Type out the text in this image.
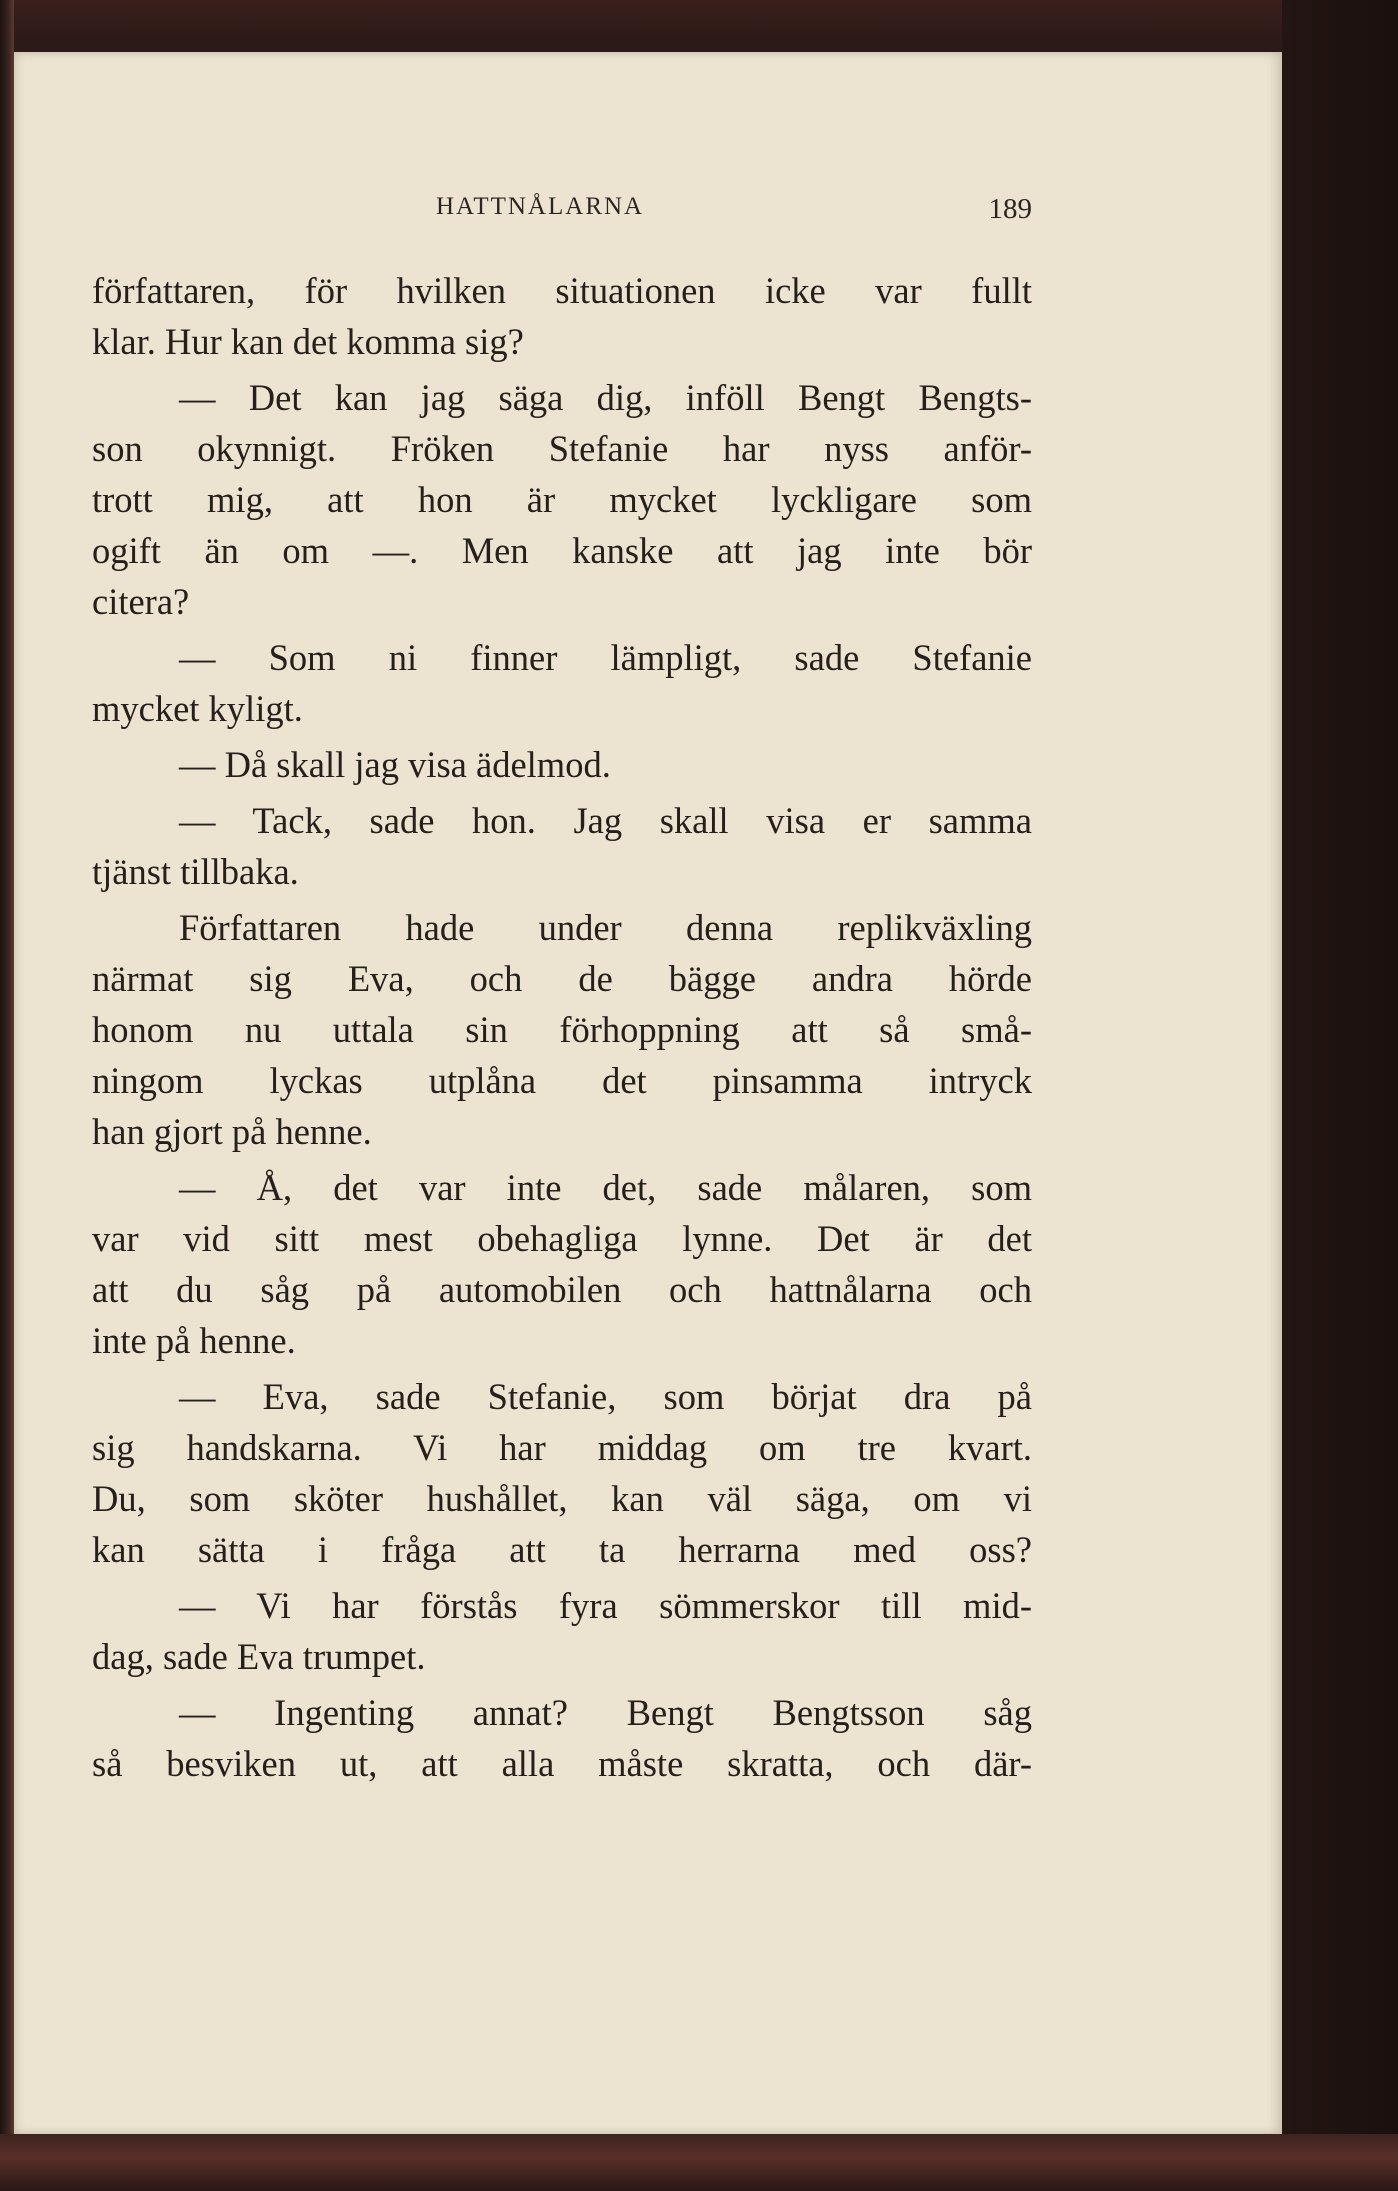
HATTNÅLARNA	189
författaren, för hvilken situationen icke var fullt
klar. Hur kan det komma sig?
— Det kan jag säga dig, inföll Bengt Bengts-
son okynnigt. Fröken Stefanie har nyss anför-
trott mig, att hon är mycket lyckligare som
ogift än om —. Men kanske att jag inte bör
citera?
— Som ni finner lämpligt, sade Stefanie
mycket kyligt.
— Då skall jag visa ädelmod.
— Tack, sade hon. Jag skall visa er samma
tjänst tillbaka.
Författaren hade under denna replikväxling
närmat sig Eva, och de bägge andra hörde
honom nu uttala sin förhoppning att så små-
ningom lyckas utplåna det pinsamma intryck
han gjort på henne.
— Å, det var inte det, sade målaren, som
var vid sitt mest obehagliga lynne. Det är det
att du såg på automobilen och hattnålarna och
inte på henne.
— Eva, sade Stefanie, som börjat dra på
sig handskarna. Vi har middag om tre kvart.
Du, som sköter hushållet, kan väl säga, om vi
kan sätta i fråga att ta herrarna med oss?
— Vi har förstås fyra sömmerskor till mid-
dag, sade Eva trumpet.
— Ingenting annat? Bengt Bengtsson såg
så besviken ut, att alla måste skratta, och där-
